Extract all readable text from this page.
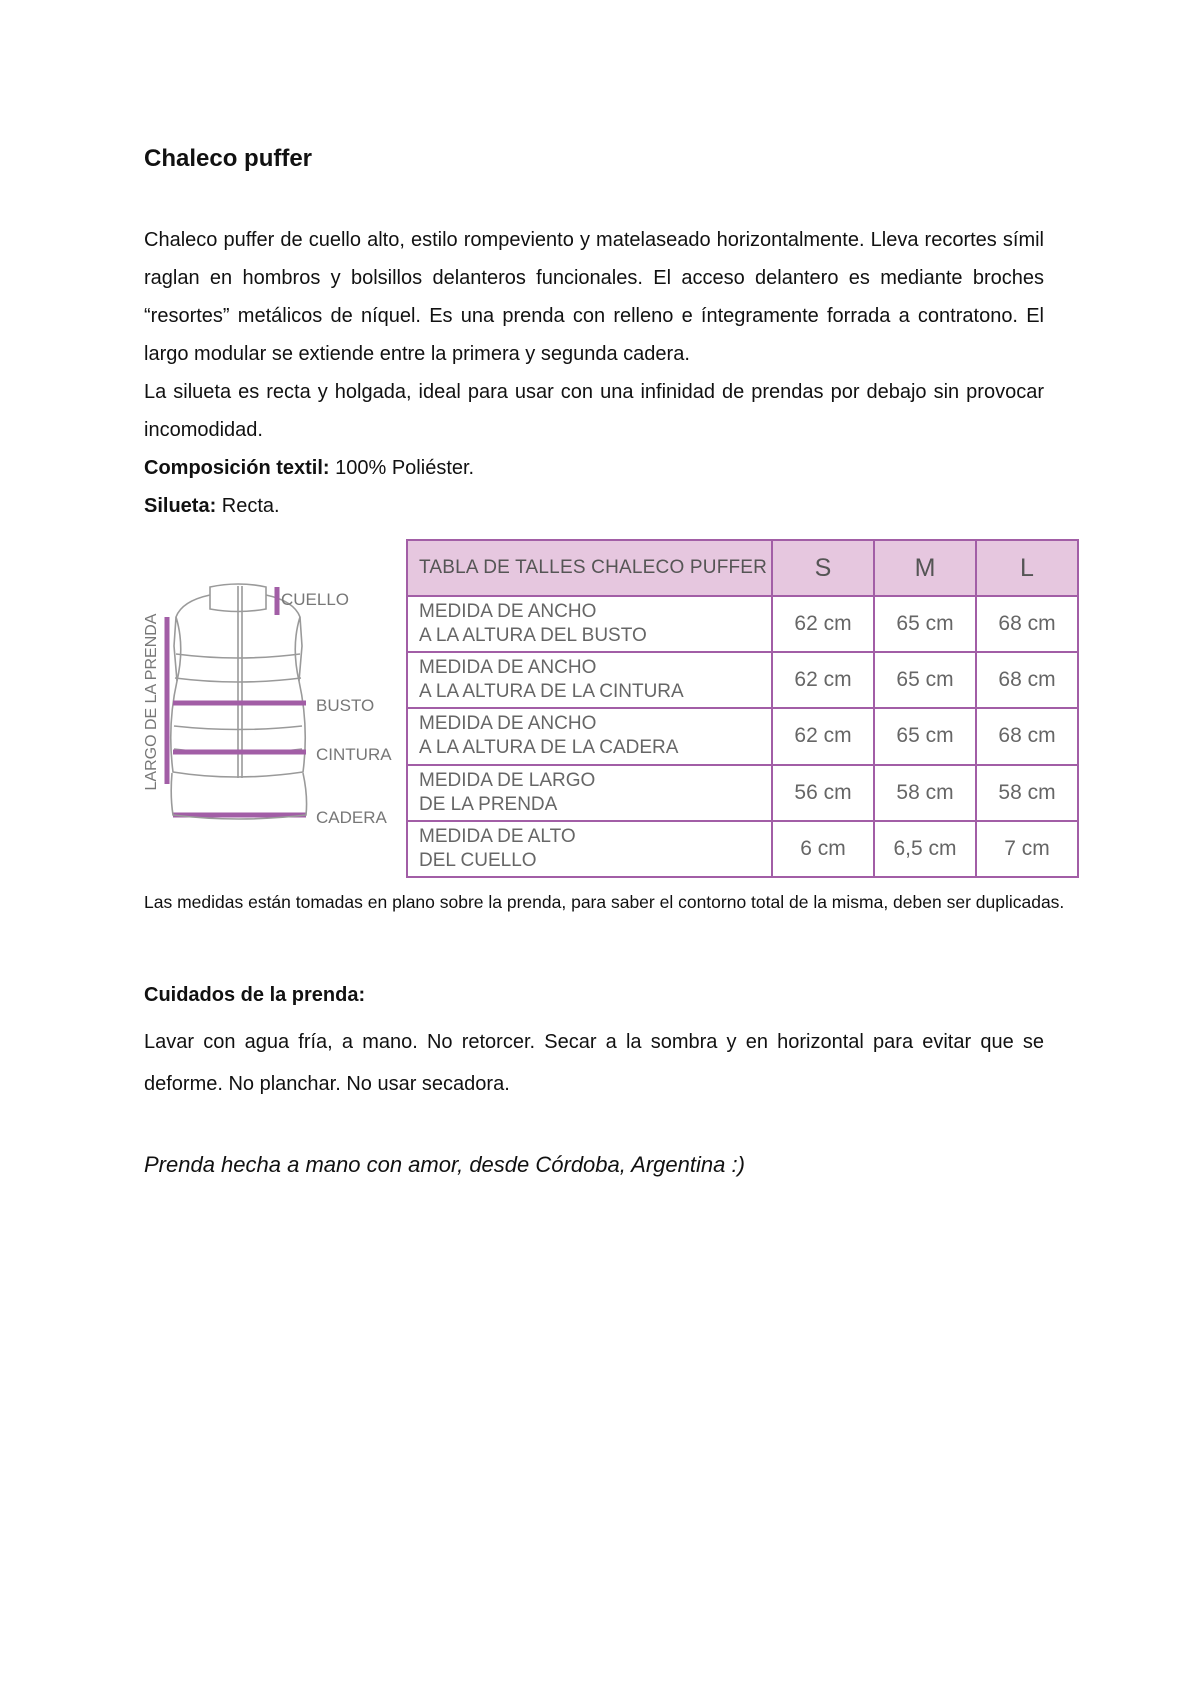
Chaleco puffer

Chaleco puffer de cuello alto, estilo rompeviento y matelaseado horizontalmente. Lleva recortes símil raglan en hombros y bolsillos delanteros funcionales. El acceso delantero es mediante broches “resortes” metálicos de níquel. Es una prenda con relleno e íntegramente forrada a contratono. El largo modular se extiende entre la primera y segunda cadera.

La silueta es recta y holgada, ideal para usar con una infinidad de prendas por debajo sin provocar incomodidad.

Composición textil: 100% Poliéster.

Silueta: Recta.

CUELLO
BUSTO
CINTURA
CADERA
LARGO DE LA PRENDA
TABLA DE TALLES CHALECO PUFFER	S	M	L

MEDIDA DE ANCHO
A LA ALTURA DEL BUSTO	62 cm	65 cm	68 cm

MEDIDA DE ANCHO
A LA ALTURA DE LA CINTURA	62 cm	65 cm	68 cm

MEDIDA DE ANCHO
A LA ALTURA DE LA CADERA	62 cm	65 cm	68 cm

MEDIDA DE LARGO
DE LA PRENDA	56 cm	58 cm	58 cm

MEDIDA DE ALTO
DEL CUELLO	6 cm	6,5 cm	7 cm

Las medidas están tomadas en plano sobre la prenda, para saber el contorno total de la misma, deben ser duplicadas.

Cuidados de la prenda:

Lavar con agua fría, a mano. No retorcer. Secar a la sombra y en horizontal para evitar que se deforme. No planchar. No usar secadora.

Prenda hecha a mano con amor, desde Córdoba, Argentina :)
